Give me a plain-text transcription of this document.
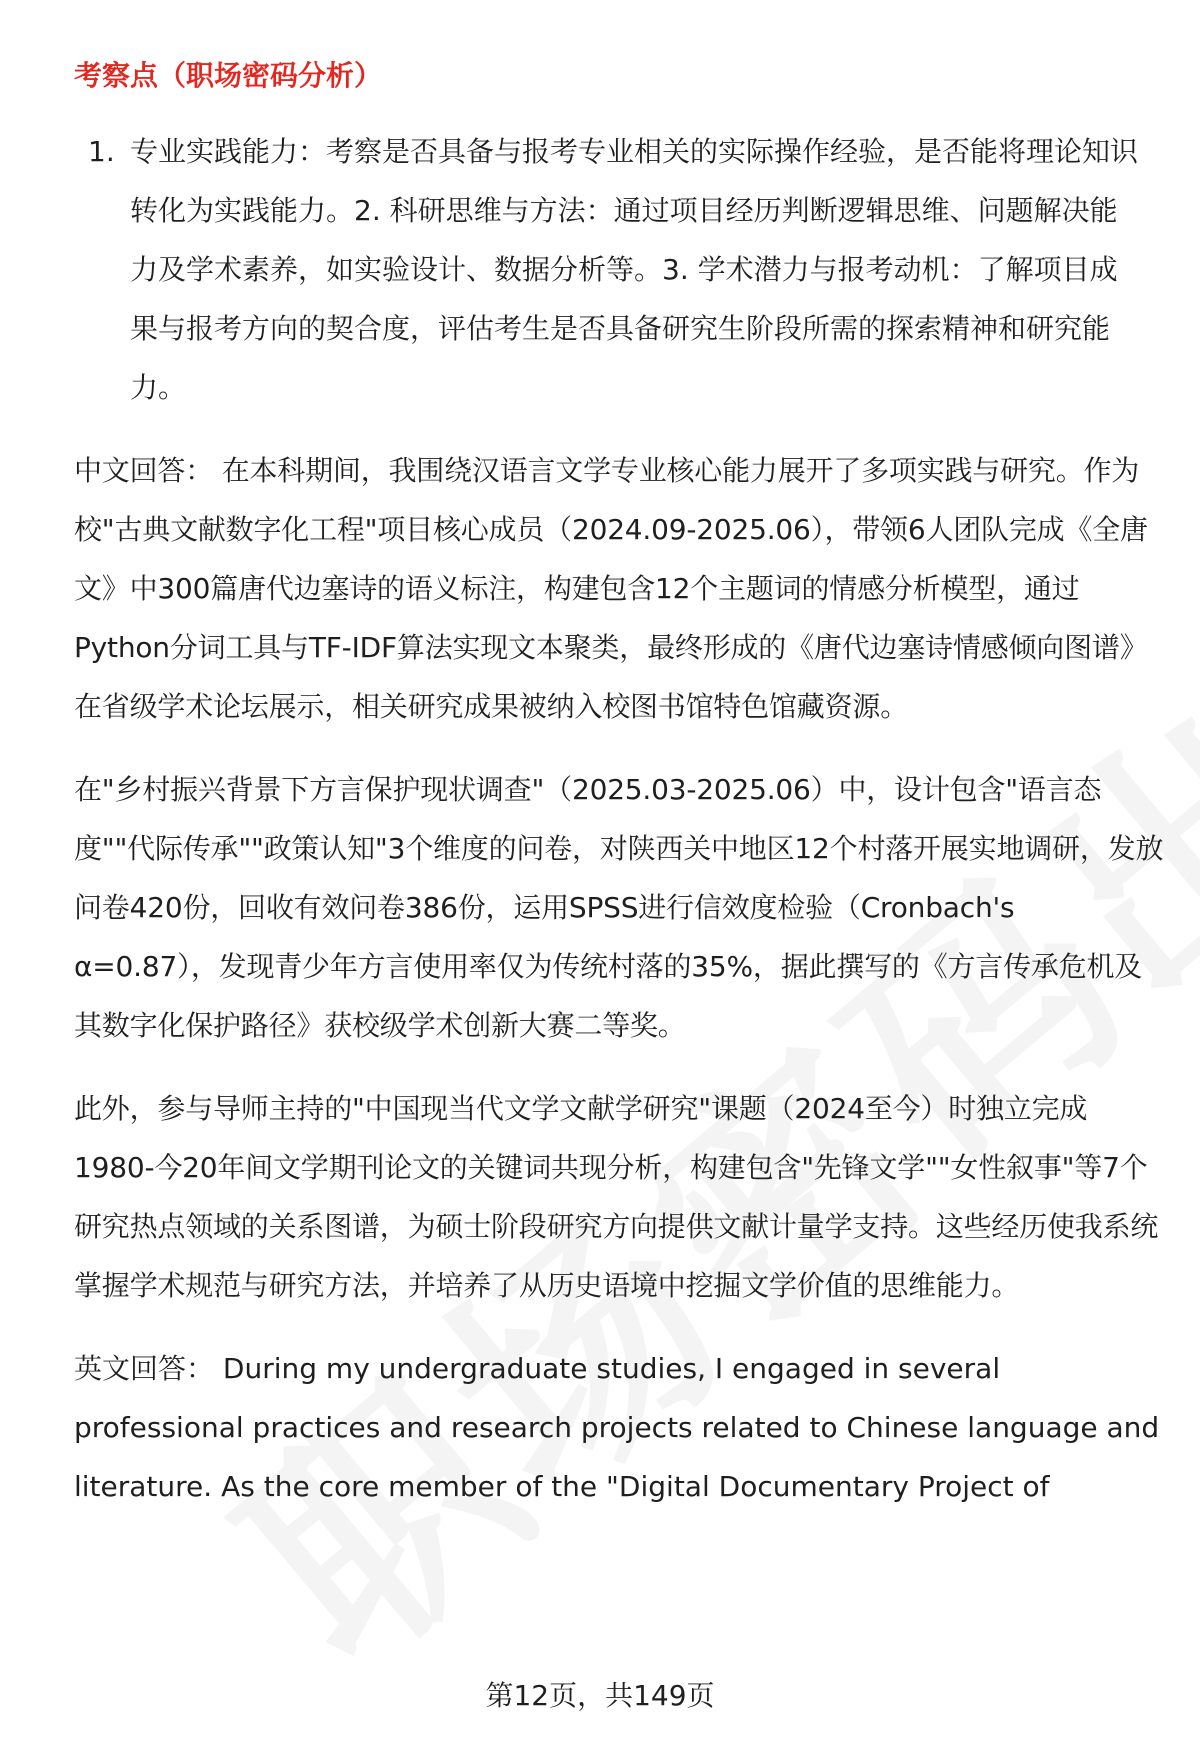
考察点（职场密码分析）
1. 专业实践能力：考察是否具备与报考专业相关的实际操作经验，是否能将理论知识转化为实践能力。2. 科研思维与方法：通过项目经历判断逻辑思维、问题解决能力及学术素养，如实验设计、数据分析等。3. 学术潜力与报考动机：了解项目成果与报考方向的契合度，评估考生是否具备研究生阶段所需的探索精神和研究能力。

中文回答： 在本科期间，我围绕汉语言文学专业核心能力展开了多项实践与研究。作为校"古典文献数字化工程"项目核心成员（2024.09-2025.06），带领6人团队完成《全唐文》中300篇唐代边塞诗的语义标注，构建包含12个主题词的情感分析模型，通过Python分词工具与TF-IDF算法实现文本聚类，最终形成的《唐代边塞诗情感倾向图谱》在省级学术论坛展示，相关研究成果被纳入校图书馆特色馆藏资源。

在"乡村振兴背景下方言保护现状调查"（2025.03-2025.06）中，设计包含"语言态度""代际传承""政策认知"3个维度的问卷，对陕西关中地区12个村落开展实地调研，发放问卷420份，回收有效问卷386份，运用SPSS进行信效度检验（Cronbach's α=0.87），发现青少年方言使用率仅为传统村落的35%，据此撰写的《方言传承危机及其数字化保护路径》获校级学术创新大赛二等奖。

此外，参与导师主持的"中国现当代文学文献学研究"课题（2024至今）时独立完成1980-今20年间文学期刊论文的关键词共现分析，构建包含"先锋文学""女性叙事"等7个研究热点领域的关系图谱，为硕士阶段研究方向提供文献计量学支持。这些经历使我系统掌握学术规范与研究方法，并培养了从历史语境中挖掘文学价值的思维能力。

英文回答： During my undergraduate studies, I engaged in several professional practices and research projects related to Chinese language and literature. As the core member of the "Digital Documentary Project of

第12页，共149页
